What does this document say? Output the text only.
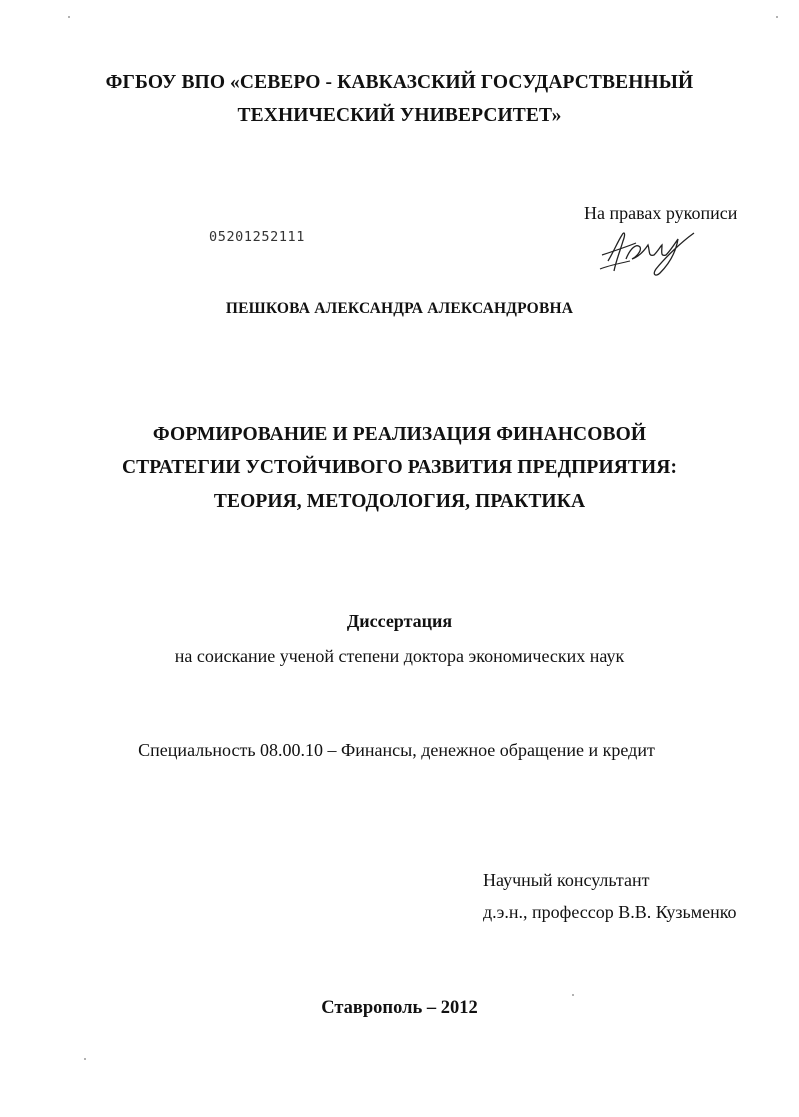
ФГБОУ ВПО «СЕВЕРО - КАВКАЗСКИЙ ГОСУДАРСТВЕННЫЙ
ТЕХНИЧЕСКИЙ УНИВЕРСИТЕТ»
05201252111
На правах рукописи
ПЕШКОВА АЛЕКСАНДРА АЛЕКСАНДРОВНА
ФОРМИРОВАНИЕ И РЕАЛИЗАЦИЯ ФИНАНСОВОЙ
СТРАТЕГИИ УСТОЙЧИВОГО РАЗВИТИЯ ПРЕДПРИЯТИЯ:
ТЕОРИЯ, МЕТОДОЛОГИЯ, ПРАКТИКА
Диссертация
на соискание ученой степени доктора экономических наук
Специальность 08.00.10 – Финансы, денежное обращение и кредит
Научный консультант
д.э.н., профессор В.В. Кузьменко
Ставрополь – 2012
